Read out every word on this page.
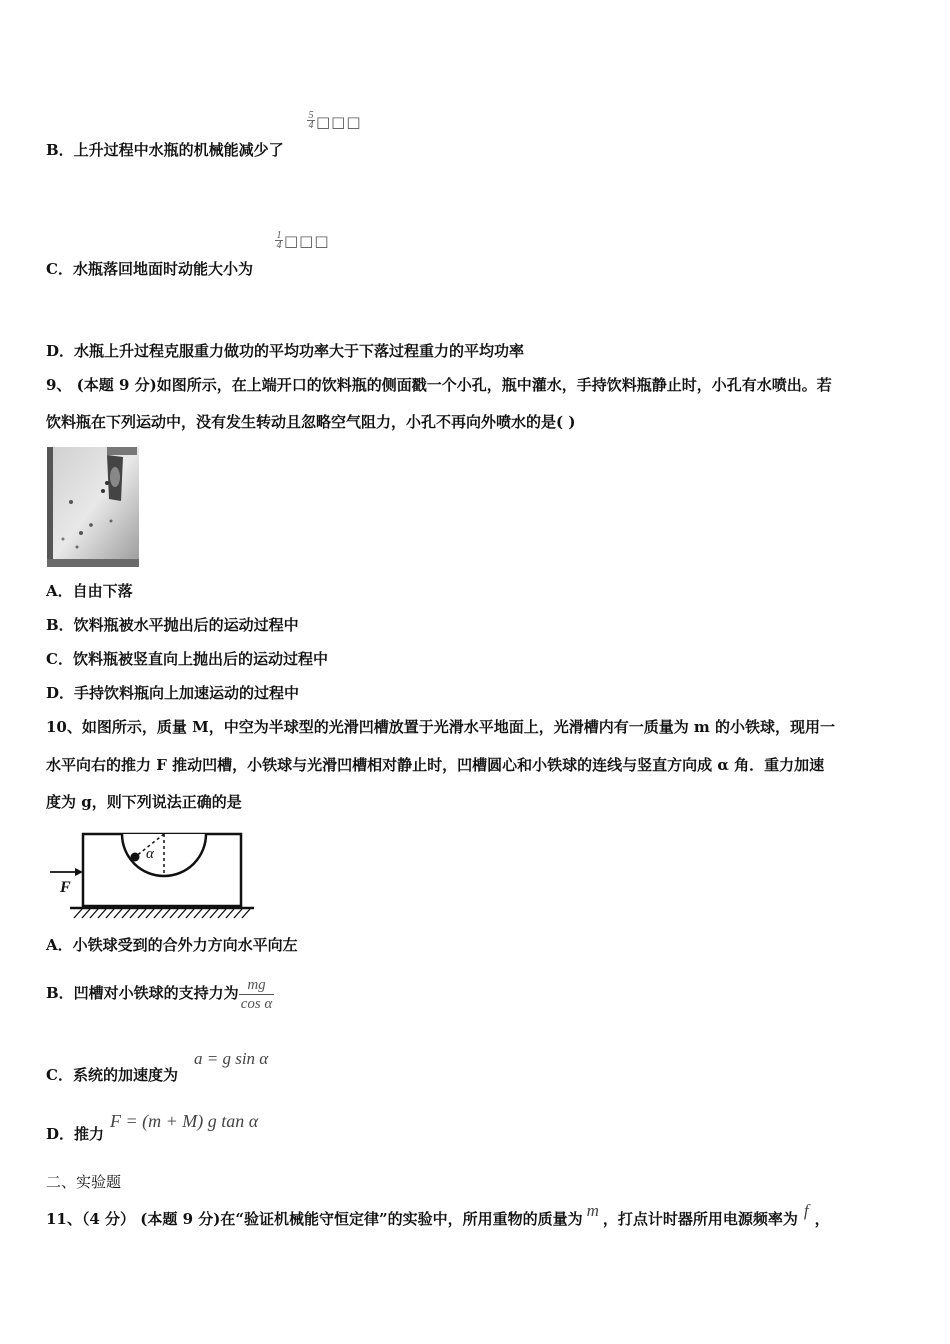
$\frac{5}{4}$ □□□
B．上升过程中水瓶的机械能减少了
$\frac{1}{4}$ □□□
C．水瓶落回地面时动能大小为
D．水瓶上升过程克服重力做功的平均功率大于下落过程重力的平均功率
9、 (本题 9 分)如图所示，在上端开口的饮料瓶的侧面戳一个小孔，瓶中灌水，手持饮料瓶静止时，小孔有水喷出。若
饮料瓶在下列运动中，没有发生转动且忽略空气阻力，小孔不再向外喷水的是( )
A．自由下落
B．饮料瓶被水平抛出后的运动过程中
C．饮料瓶被竖直向上抛出后的运动过程中
D．手持饮料瓶向上加速运动的过程中
10、如图所示，质量 M，中空为半球型的光滑凹槽放置于光滑水平地面上，光滑槽内有一质量为 m 的小铁球，现用一
水平向右的推力 F 推动凹槽，小铁球与光滑凹槽相对静止时，凹槽圆心和小铁球的连线与竖直方向成 α 角．重力加速
度为 g，则下列说法正确的是
α
F
A．小铁球受到的合外力方向水平向左
B．凹槽对小铁球的支持力为 $\frac{mg}{\text{cos α}}$
a = g sin α
C．系统的加速度为
D．推力
F = (m + M) g tan α
二、实验题
11、（4 分） (本题 9 分)在“验证机械能守恒定律”的实验中，所用重物的质量为 m ，打点计时器所用电源频率为 f ，
